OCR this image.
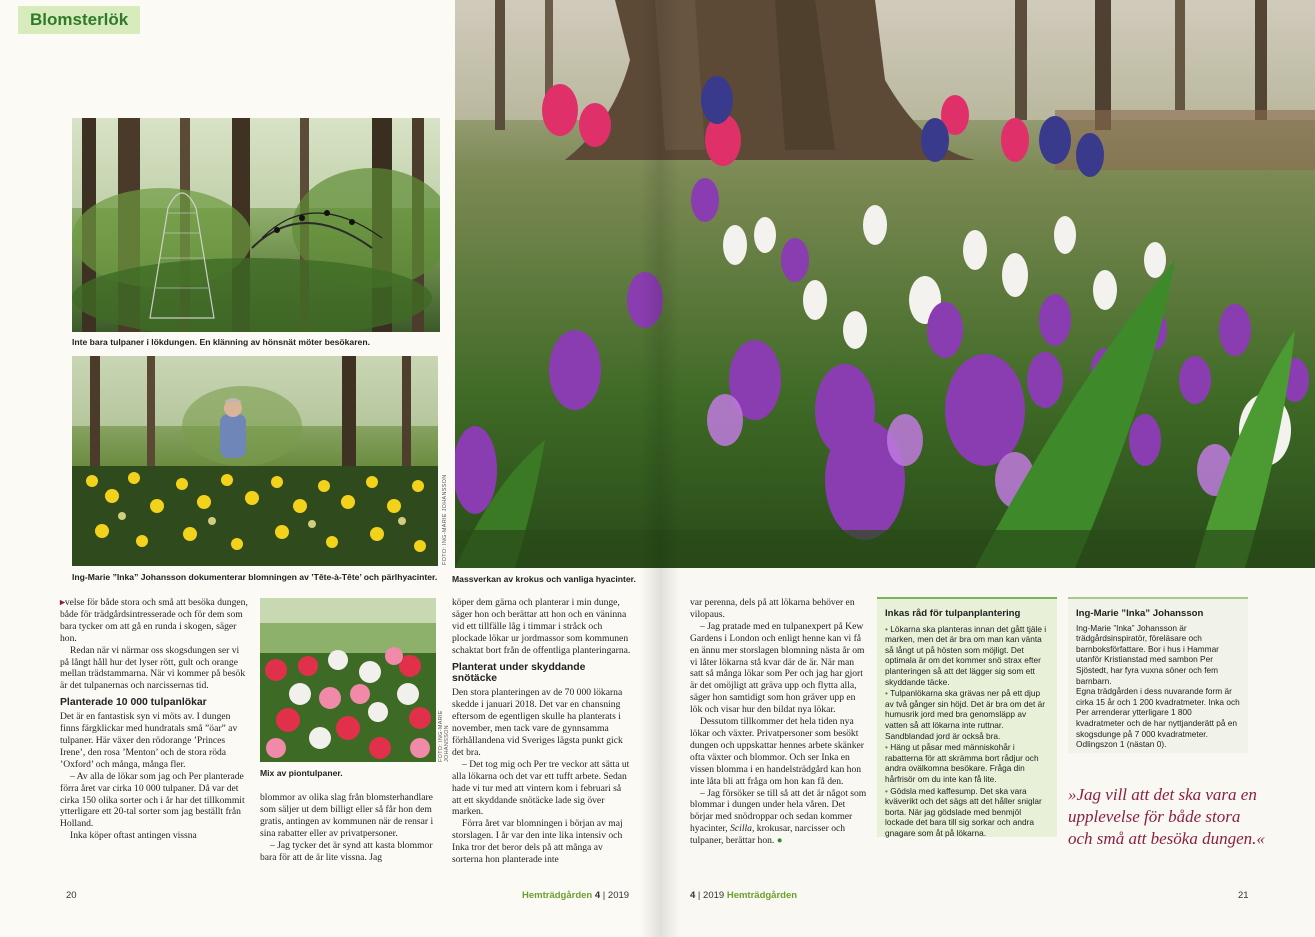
Blomsterlök
Inte bara tulpaner i lökdungen. En klänning av hönsnät möter besökaren.
FOTO: ING-MARIE JOHANSSON
Ing-Marie ”Inka” Johansson dokumenterar blomningen av ’Tête-à-Tête’ och pärlhyacinter.	Massverkan av krokus och vanliga hyacinter.
FOTO: ING-MARIE JOHANSSON
Mix av piontulpaner.

▸velse för både stora och små att besöka dungen, både för trädgårdsintresserade och för dem som bara tycker om att gå en runda i skogen, säger hon.

Redan när vi närmar oss skogsdungen ser vi på långt håll hur det lyser rött, gult och orange mellan trädstammarna. När vi kommer på besök är det tulpanernas och narcissernas tid.

Planterade 10 000 tulpanlökar

Det är en fantastisk syn vi möts av. I dungen finns färgklickar med hundratals små ”öar” av tulpaner. Här växer den rödorange ’Princes Irene’, den rosa ’Menton’ och de stora röda ’Oxford’ och många, många fler.

– Av alla de lökar som jag och Per planterade förra året var cirka 10 000 tulpaner. Då var det cirka 150 olika sorter och i år har det tillkommit ytterligare ett 20-tal sorter som jag beställt från Holland.

Inka köper oftast antingen vissna

blommor av olika slag från blomsterhandlare som säljer ut dem billigt eller så får hon dem gratis, antingen av kommunen när de rensar i sina rabatter eller av privatpersoner.

– Jag tycker det är synd att kasta blommor bara för att de är lite vissna. Jag

köper dem gärna och planterar i min dunge, säger hon och berättar att hon och en väninna vid ett tillfälle låg i timmar i stråck och plockade lökar ur jordmassor som kommunen schaktat bort från de offentliga planteringarna.

Planterat under skyddande snötäcke

Den stora planteringen av de 70 000 lökarna skedde i januari 2018. Det var en chansning eftersom de egentligen skulle ha planterats i november, men tack vare de gynnsamma förhållandena vid Sveriges lägsta punkt gick det bra.

– Det tog mig och Per tre veckor att sätta ut alla lökarna och det var ett tufft arbete. Sedan hade vi tur med att vintern kom i februari så att ett skyddande snötäcke lade sig över marken.

Förra året var blomningen i början av maj storslagen. I år var den inte lika intensiv och Inka tror det beror dels på att många av sorterna hon planterade inte

var perenna, dels på att lökarna behöver en vilopaus.

– Jag pratade med en tulpanexpert på Kew Gardens i London och enligt henne kan vi få en ännu mer storslagen blomning nästa år om vi låter lökarna stå kvar där de är. När man satt så många lökar som Per och jag har gjort är det omöjligt att gräva upp och flytta alla, säger hon samtidigt som hon gräver upp en lök och visar hur den bildat nya lökar.

Dessutom tillkommer det hela tiden nya lökar och växter. Privatpersoner som besökt dungen och uppskattar hennes arbete skänker ofta växter och blommor. Och ser Inka en vissen blomma i en handelsträdgård kan hon inte låta bli att fråga om hon kan få den.

– Jag försöker se till så att det är något som blommar i dungen under hela våren. Det börjar med snödroppar och sedan kommer hyacinter, Scilla, krokusar, narcisser och tulpaner, berättar hon. ●

Inkas råd för tulpanplantering
• Lökarna ska planteras innan det gått tjäle i marken, men det är bra om man kan vänta så långt ut på hösten som möjligt. Det optimala är om det kommer snö strax efter planteringen så att det lägger sig som ett skyddande täcke.
• Tulpanlökarna ska grävas ner på ett djup av två gånger sin höjd. Det är bra om det är humusrik jord med bra genomsläpp av vatten så att lökarna inte ruttnar. Sandblandad jord är också bra.
• Häng ut påsar med människohår i rabatterna för att skrämma bort rådjur och andra ovälkomna besökare. Fråga din hårfrisör om du inte kan få lite.
• Gödsla med kaffesump. Det ska vara kväverikt och det sägs att det håller sniglar borta. När jag gödslade med benmjöl lockade det bara till sig sorkar och andra gnagare som åt på lökarna.
Ing-Marie ”Inka” Johansson
Ing-Marie ”Inka” Johansson är trädgårdsinspiratör, föreläsare och barnboksförfattare. Bor i hus i Hammar utanför Kristianstad med sambon Per Sjöstedt, har fyra vuxna söner och fem barnbarn.
Egna trädgården i dess nuvarande form är cirka 15 år och 1 200 kvadratmeter. Inka och Per arrenderar ytterligare 1 800 kvadratmeter och de har nyttjanderätt på en skogsdunge på 7 000 kvadratmeter. Odlingszon 1 (nästan 0).
»Jag vill att det ska vara en upplevelse för både stora och små att besöka dungen.«
20	Hemträdgården 4 | 2019	4 | 2019 Hemträdgården	21
